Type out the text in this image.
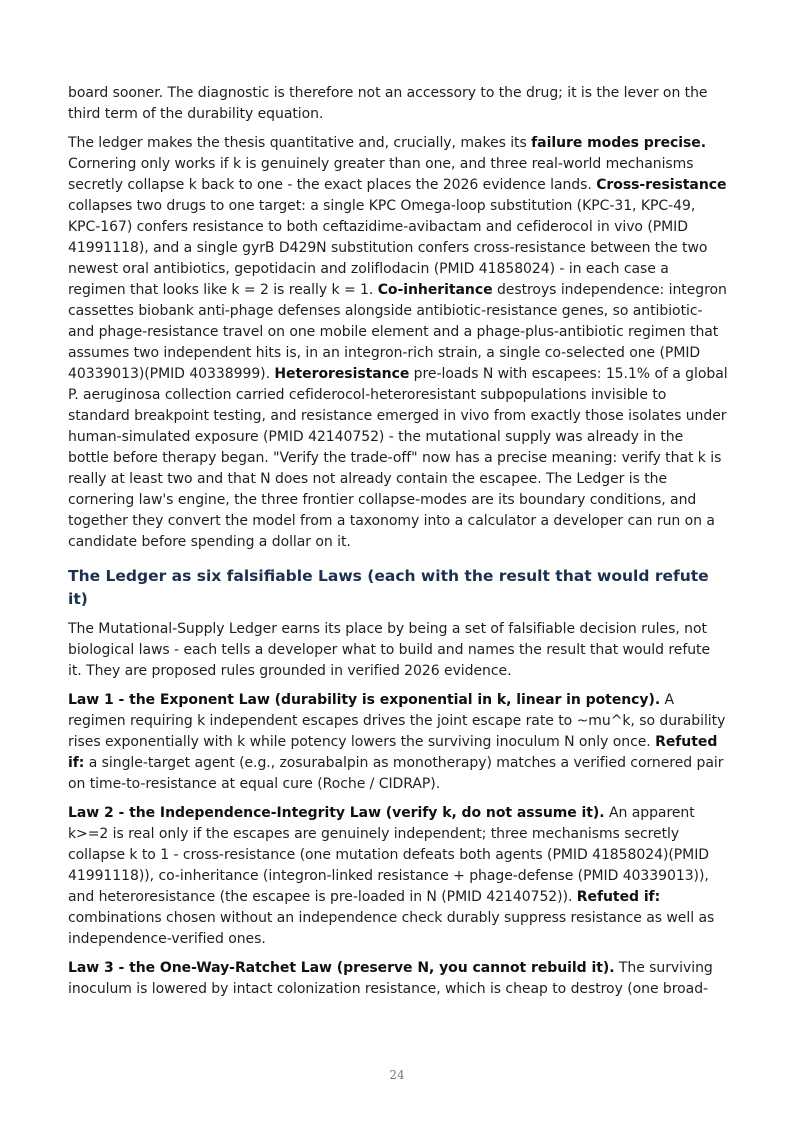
board sooner. The diagnostic is therefore not an accessory to the drug; it is the lever on the third term of the durability equation.

The ledger makes the thesis quantitative and, crucially, makes its failure modes precise. Cornering only works if k is genuinely greater than one, and three real-world mechanisms secretly collapse k back to one - the exact places the 2026 evidence lands. Cross-resistance collapses two drugs to one target: a single KPC Omega-loop substitution (KPC-31, KPC-49, KPC-167) confers resistance to both ceftazidime-avibactam and cefiderocol in vivo (PMID 41991118), and a single gyrB D429N substitution confers cross-resistance between the two newest oral antibiotics, gepotidacin and zoliflodacin (PMID 41858024) - in each case a regimen that looks like k = 2 is really k = 1. Co-inheritance destroys independence: integron cassettes biobank anti-phage defenses alongside antibiotic-resistance genes, so antibiotic- and phage-resistance travel on one mobile element and a phage-plus-antibiotic regimen that assumes two independent hits is, in an integron-rich strain, a single co-selected one (PMID 40339013)(PMID 40338999). Heteroresistance pre-loads N with escapees: 15.1% of a global P. aeruginosa collection carried cefiderocol-heteroresistant subpopulations invisible to standard breakpoint testing, and resistance emerged in vivo from exactly those isolates under human-simulated exposure (PMID 42140752) - the mutational supply was already in the bottle before therapy began. "Verify the trade-off" now has a precise meaning: verify that k is really at least two and that N does not already contain the escapee. The Ledger is the cornering law's engine, the three frontier collapse-modes are its boundary conditions, and together they convert the model from a taxonomy into a calculator a developer can run on a candidate before spending a dollar on it.

The Ledger as six falsifiable Laws (each with the result that would refute it)

The Mutational-Supply Ledger earns its place by being a set of falsifiable decision rules, not biological laws - each tells a developer what to build and names the result that would refute it. They are proposed rules grounded in verified 2026 evidence.

Law 1 - the Exponent Law (durability is exponential in k, linear in potency). A regimen requiring k independent escapes drives the joint escape rate to ~mu^k, so durability rises exponentially with k while potency lowers the surviving inoculum N only once. Refuted if: a single-target agent (e.g., zosurabalpin as monotherapy) matches a verified cornered pair on time-to-resistance at equal cure (Roche / CIDRAP).

Law 2 - the Independence-Integrity Law (verify k, do not assume it). An apparent k>=2 is real only if the escapes are genuinely independent; three mechanisms secretly collapse k to 1 - cross-resistance (one mutation defeats both agents (PMID 41858024)(PMID 41991118)), co-inheritance (integron-linked resistance + phage-defense (PMID 40339013)), and heteroresistance (the escapee is pre-loaded in N (PMID 42140752)). Refuted if: combinations chosen without an independence check durably suppress resistance as well as independence-verified ones.

Law 3 - the One-Way-Ratchet Law (preserve N, you cannot rebuild it). The surviving inoculum is lowered by intact colonization resistance, which is cheap to destroy (one broad-

24
